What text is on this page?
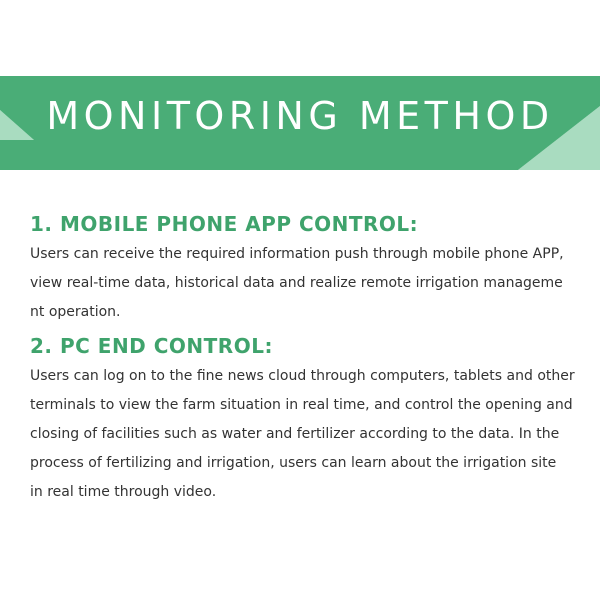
MONITORING METHOD
1. MOBILE PHONE APP CONTROL:
Users can receive the required information push through mobile phone APP,
view real-time data, historical data and realize remote irrigation manageme
nt operation.
2. PC END CONTROL:
Users can log on to the fine news cloud through computers, tablets and other
terminals to view the farm situation in real time, and control the opening and
closing of facilities such as water and fertilizer according to the data. In the
process of fertilizing and irrigation, users can learn about the irrigation site
in real time through video.
